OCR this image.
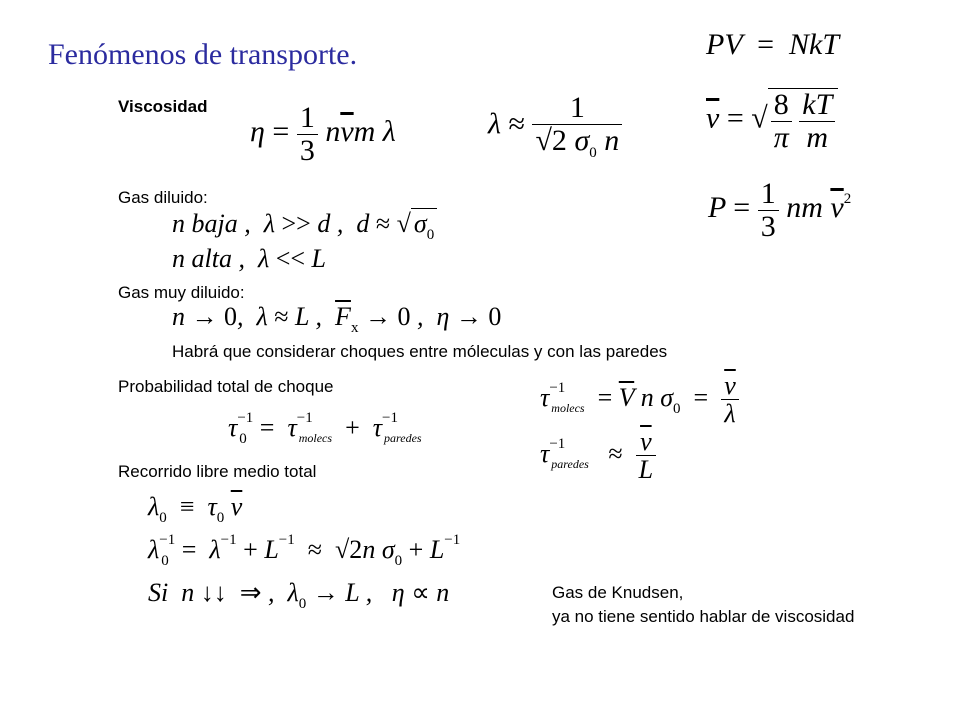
Fenómenos de transporte.	PV  =  NkT
Viscosidad
$\eta = \frac{1}{3} n\overline{v}m$ λ	$\lambda \approx \frac{1}{√2 \sigma_0 n}$	$\overline{v}$ = √ $\frac{8}{\pi}$
$\frac{kT}{m}$
Gas diluido:	$P = \frac{1}{3}$ nm $\overline{v}^2$
n baja ,  λ >> d ,  d ≈ √ $\sigma_0$
n alta ,  λ << L
Gas muy diluido:
n → 0,  λ ≈ L ,  $\overline{F}_x \to 0$ ,  η → 0
Habrá que considerar choques entre móleculas y con las paredes
Probabilidad total de choque
$\tau^{-1}_0 = \tau^{-1}_{molecs} + \tau^{-1}_{paredes}$
$\tau^{-1}_{molecs} = \overline{V}$ n $\sigma_0 = \frac{\overline{v}}{\lambda}$
$\tau^{-1}_{paredes} \approx \frac{\overline{v}}{L}$
Recorrido libre medio total
$\lambda_0 \equiv \tau_0$ $\overline{v}$
$\lambda^{-1}_0 = \lambda^{-1} + L^{-1} \approx √2n$ $\sigma_0 + L^{-1}$
Si  n ↓↓  ⇒ ,  $\lambda_0 \to L$ ,   η ∝ n	Gas de Knudsen,
ya no tiene sentido hablar de viscosidad
